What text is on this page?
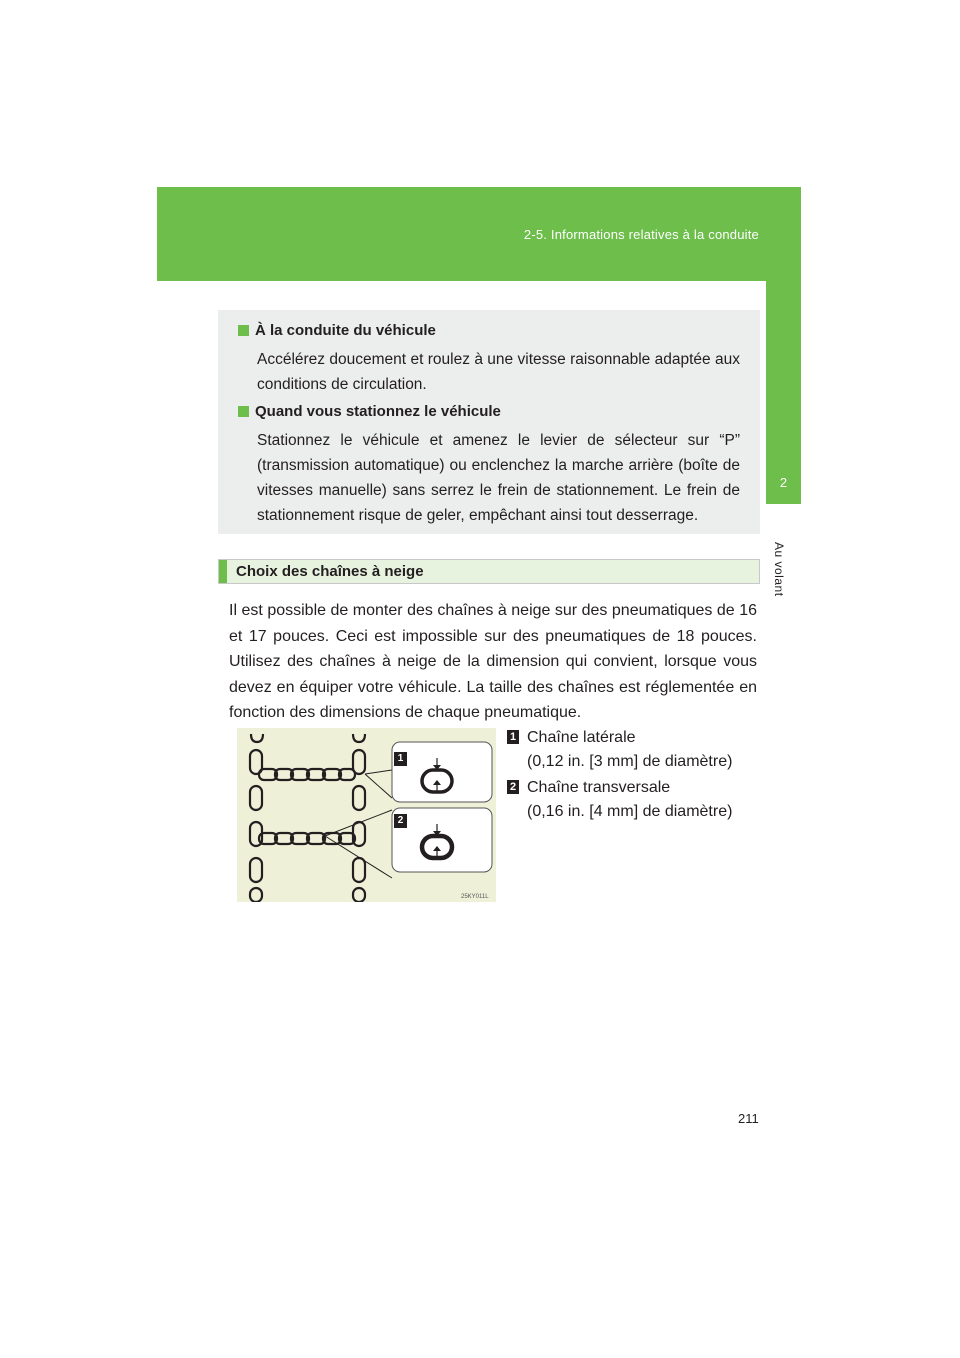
2-5. Informations relatives à la conduite
2
Au volant
À la conduite du véhicule
Accélérez doucement et roulez à une vitesse raisonnable adaptée aux conditions de circulation.
Quand vous stationnez le véhicule
Stationnez le véhicule et amenez le levier de sélecteur sur “P” (transmission automatique) ou enclenchez la marche arrière (boîte de vitesses manuelle) sans serrez le frein de stationnement. Le frein de stationnement risque de geler, empêchant ainsi tout desserrage.
Choix des chaînes à neige
Il est possible de monter des chaînes à neige sur des pneumatiques de 16 et 17 pouces. Ceci est impossible sur des pneumatiques de 18 pouces. Utilisez des chaînes à neige de la dimension qui convient, lorsque vous devez en équiper votre véhicule. La taille des chaînes est réglementée en fonction des dimensions de chaque pneumatique.
1
2
25KY011L
1 Chaîne latérale
(0,12 in. [3 mm] de diamètre)
2 Chaîne transversale
(0,16 in. [4 mm] de diamètre)
211
